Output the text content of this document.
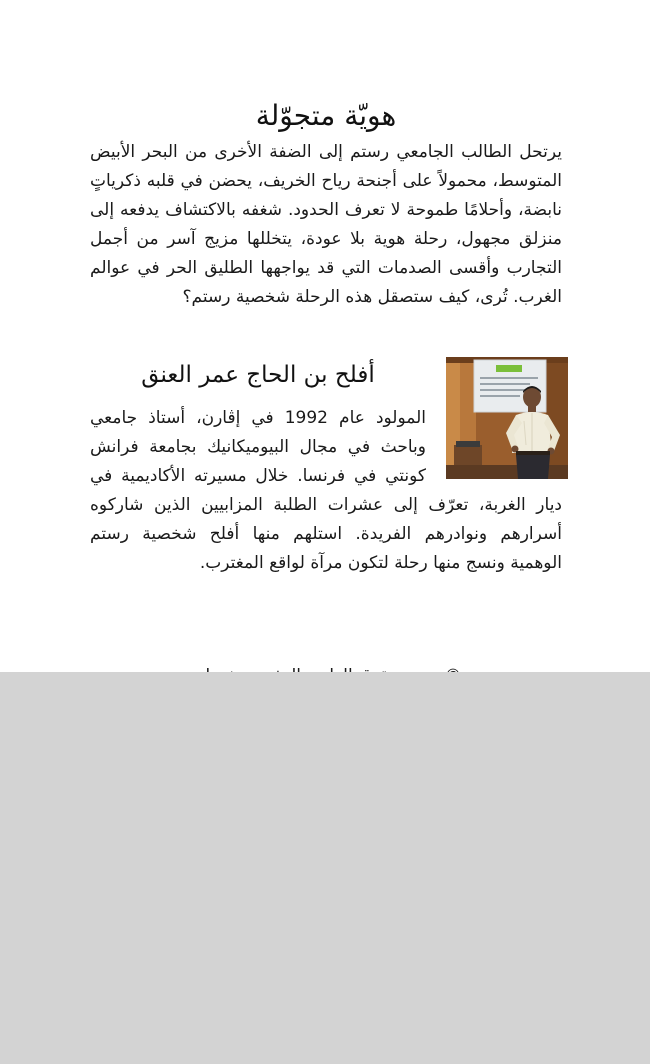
هويّة متجوّلة

يرتحل الطالب الجامعي رستم إلى الضفة الأخرى من البحر الأبيض المتوسط، محمولاً على أجنحة رياح الخريف، يحضن في قلبه ذكرياتٍ نابضة، وأحلامًا طموحة لا تعرف الحدود. شغفه بالاكتشاف يدفعه إلى منزلق مجهول، رحلة هوية بلا عودة، يتخللها مزيج آسر من أجمل التجارب وأقسى الصدمات التي قد يواجهها الطليق الحر في عوالم الغرب. تُرى، كيف ستصقل هذه الرحلة شخصية رستم؟

أفلح بن الحاج عمر العنق

المولود عام 1992 في إڨارن، أستاذ جامعي وباحث في مجال البيوميكانيك بجامعة فرانش كونتي في فرنسا. خلال مسيرته الأكاديمية في ديار الغربة، تعرّف إلى عشرات الطلبة المزابيين الذين شاركوه أسرارهم ونوادرهم الفريدة. استلهم منها أفلح شخصية رستم الوهمية ونسج منها رحلة لتكون مرآة لواقع المغترب.
